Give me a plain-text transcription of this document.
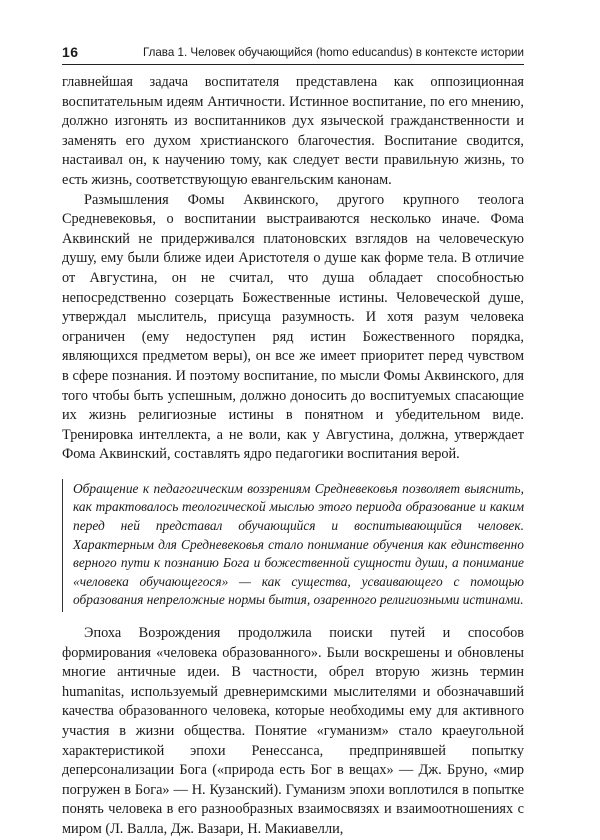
16	Глава 1. Человек обучающийся (homo educandus) в контексте истории

главнейшая задача воспитателя представлена как оппозиционная воспитательным идеям Античности. Истинное воспитание, по его мнению, должно изгонять из воспитанников дух языческой гражданственности и заменять его духом христианского благочестия. Воспитание сводится, настаивал он, к научению тому, как следует вести правильную жизнь, то есть жизнь, соответствующую евангельским канонам.

Размышления Фомы Аквинского, другого крупного теолога Средневековья, о воспитании выстраиваются несколько иначе. Фома Аквинский не придерживался платоновских взглядов на человеческую душу, ему были ближе идеи Аристотеля о душе как форме тела. В отличие от Августина, он не считал, что душа обладает способностью непосредственно созерцать Божественные истины. Человеческой душе, утверждал мыслитель, присуща разумность. И хотя разум человека ограничен (ему недоступен ряд истин Божественного порядка, являющихся предметом веры), он все же имеет приоритет перед чувством в сфере познания. И поэтому воспитание, по мысли Фомы Аквинского, для того чтобы быть успешным, должно доносить до воспитуемых спасающие их жизнь религиозные истины в понятном и убедительном виде. Тренировка интеллекта, а не воли, как у Августина, должна, утверждает Фома Аквинский, составлять ядро педагогики воспитания верой.

Обращение к педагогическим воззрениям Средневековья позволяет выяснить, как трактовалось теологической мыслью этого периода образование и каким перед ней представал обучающийся и воспитывающийся человек. Характерным для Средневековья стало понимание обучения как единственно верного пути к познанию Бога и божественной сущности души, а понимание «человека обучающегося» — как существа, усваивающего с помощью образования непреложные нормы бытия, озаренного религиозными истинами.

Эпоха Возрождения продолжила поиски путей и способов формирования «человека образованного». Были воскрешены и обновлены многие античные идеи. В частности, обрел вторую жизнь термин humanitas, используемый древнеримскими мыслителями и обозначавший качества образованного человека, которые необходимы ему для активного участия в жизни общества. Понятие «гуманизм» стало краеугольной характеристикой эпохи Ренессанса, предпринявшей попытку деперсонализации Бога («природа есть Бог в вещах» — Дж. Бруно, «мир погружен в Бога» — Н. Кузанский). Гуманизм эпохи воплотился в попытке понять человека в его разнообразных взаимосвязях и взаимоотношениях с миром (Л. Валла, Дж. Вазари, Н. Макиавелли,
